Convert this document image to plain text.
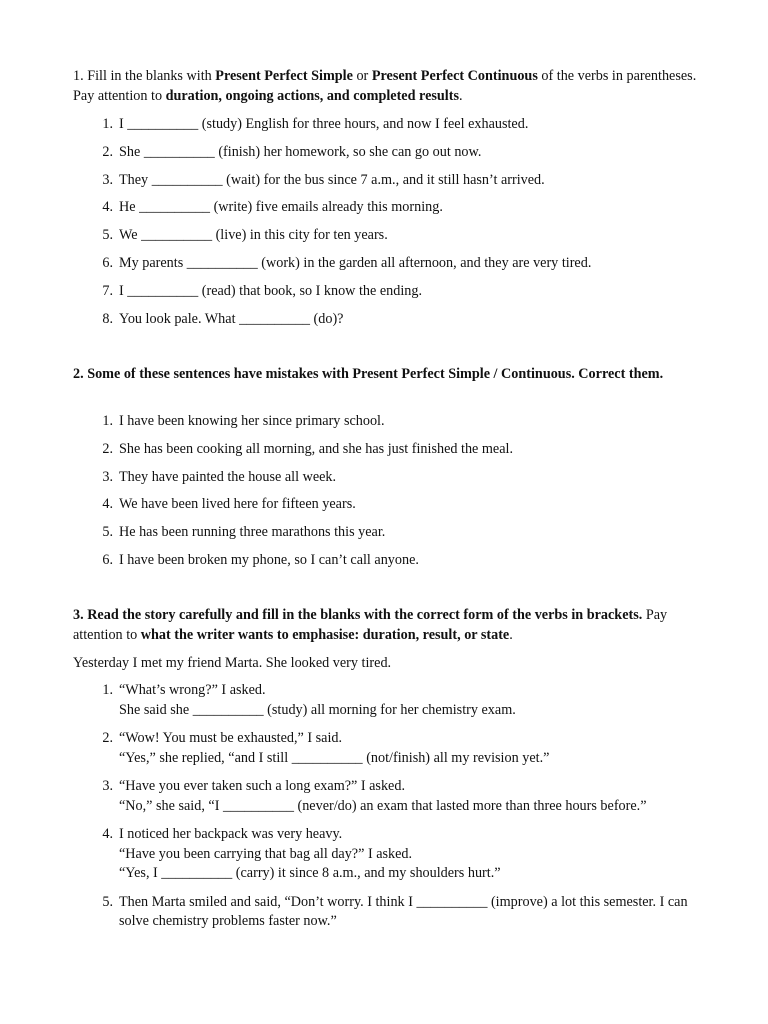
1. Fill in the blanks with Present Perfect Simple or Present Perfect Continuous of the verbs in parentheses. Pay attention to duration, ongoing actions, and completed results.

1 . I __________ (study) English for three hours, and now I feel exhausted.
2 . She __________ (finish) her homework, so she can go out now.
3 . They __________ (wait) for the bus since 7 a.m., and it still hasn’t arrived.
4 . He __________ (write) five emails already this morning.
5 . We __________ (live) in this city for ten years.
6 . My parents __________ (work) in the garden all afternoon, and they are very tired.
7 . I __________ (read) that book, so I know the ending.
8 . You look pale. What __________ (do)?

2. Some of these sentences have mistakes with Present Perfect Simple / Continuous. Correct them.

1 . I have been knowing her since primary school.
2 . She has been cooking all morning, and she has just finished the meal.
3 . They have painted the house all week.
4 . We have been lived here for fifteen years.
5 . He has been running three marathons this year.
6 . I have been broken my phone, so I can’t call anyone.

3. Read the story carefully and fill in the blanks with the correct form of the verbs in brackets. Pay attention to what the writer wants to emphasise: duration, result, or state.

Yesterday I met my friend Marta. She looked very tired.

1 . “What’s wrong?” I asked.
She said she __________ (study) all morning for her chemistry exam.
2 . “Wow! You must be exhausted,” I said.
“Yes,” she replied, “and I still __________ (not/finish) all my revision yet.”
3 . “Have you ever taken such a long exam?” I asked.
“No,” she said, “I __________ (never/do) an exam that lasted more than three hours before.”
4 . I noticed her backpack was very heavy.
“Have you been carrying that bag all day?” I asked.
“Yes, I __________ (carry) it since 8 a.m., and my shoulders hurt.”
5 . Then Marta smiled and said, “Don’t worry. I think I __________ (improve) a lot this semester. I can solve chemistry problems faster now.”
